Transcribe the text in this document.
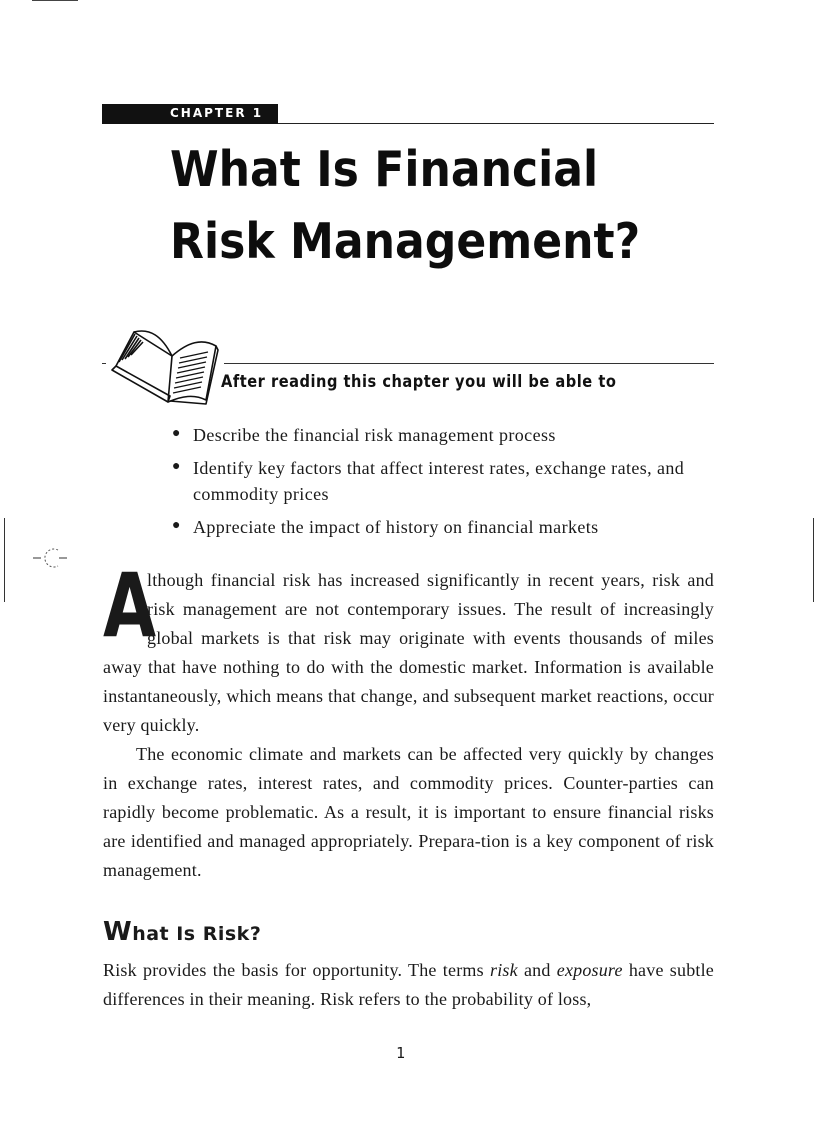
CHAPTER 1
What Is Financial Risk Management?
After reading this chapter you will be able to
● Describe the financial risk management process
● Identify key factors that affect interest rates, exchange rates, and commodity prices
● Appreciate the impact of history on financial markets

A
lthough financial risk has increased significantly in recent years, risk and risk management are not contemporary issues. The result of increasingly global markets is that risk may originate with events thousands of miles away that have nothing to do with the domestic market. Information is available instantaneously, which means that change, and subsequent market reactions, occur very quickly.

The economic climate and markets can be affected very quickly by changes in exchange rates, interest rates, and commodity prices. Counter-parties can rapidly become problematic. As a result, it is important to ensure financial risks are identified and managed appropriately. Prepara-tion is a key component of risk management.

What Is Risk?

Risk provides the basis for opportunity. The terms risk and exposure have subtle differences in their meaning. Risk refers to the probability of loss,

1
